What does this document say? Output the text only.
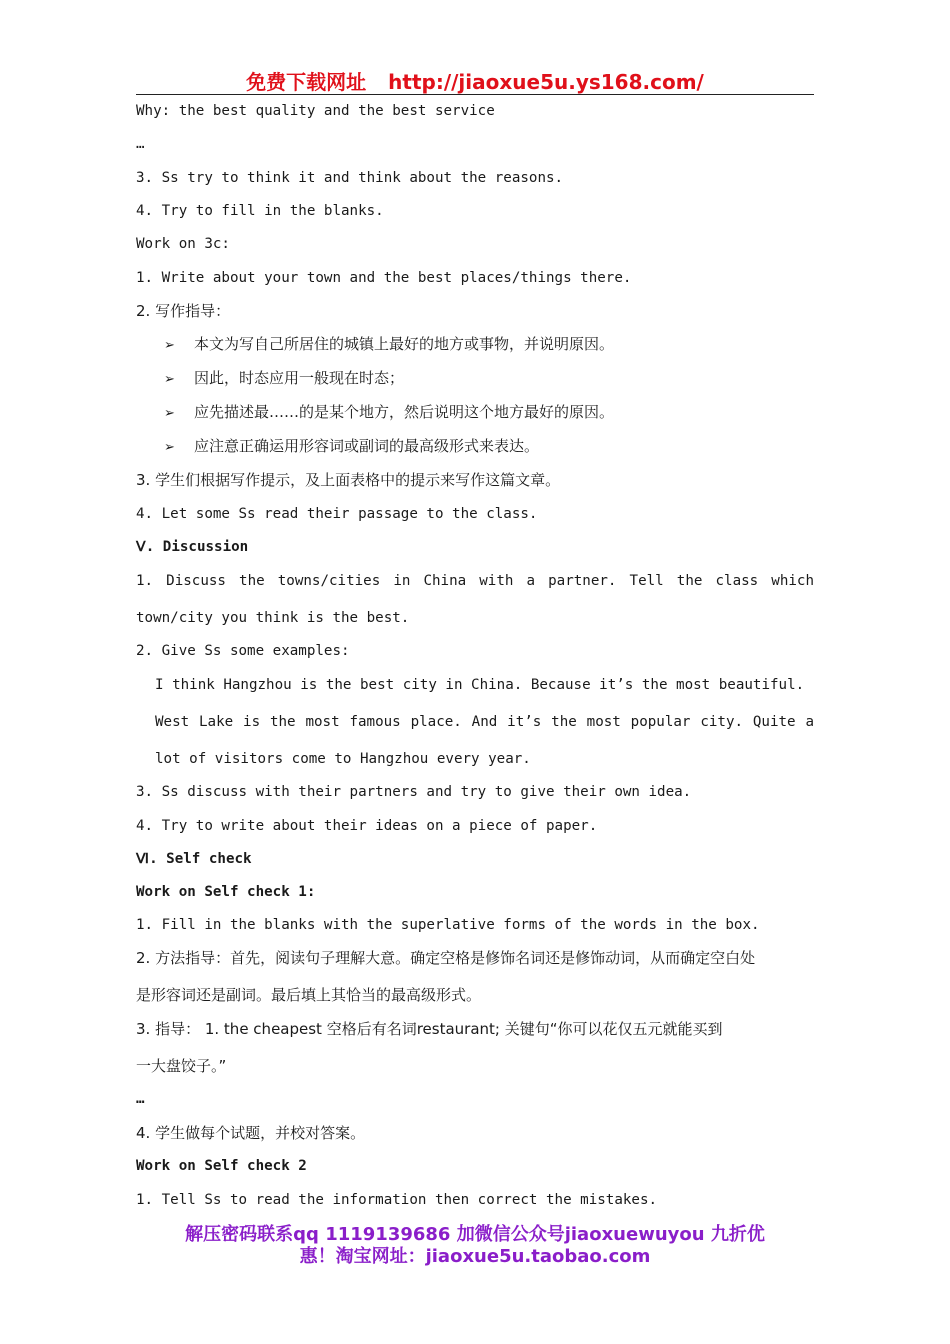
免费下载网址 http://jiaoxue5u.ys168.com/
Why: the best quality and the best service
…
3. Ss try to think it and think about the reasons.
4. Try to fill in the blanks.
Work on 3c:
1. Write about your town and the best places/things there.
2. 写作指导：
➢ 本文为写自己所居住的城镇上最好的地方或事物，并说明原因。
➢ 因此，时态应用一般现在时态；
➢ 应先描述最……的是某个地方，然后说明这个地方最好的原因。
➢ 应注意正确运用形容词或副词的最高级形式来表达。
3. 学生们根据写作提示，及上面表格中的提示来写作这篇文章。
4. Let some Ss read their passage to the class.
Ⅴ. Discussion
1. Discuss the towns/cities in China with a partner. Tell the class which
town/city you think is the best.
2. Give Ss some examples:
I think Hangzhou is the best city in China. Because it’s the most beautiful.
West Lake is the most famous place. And it’s the most popular city. Quite a
lot of visitors come to Hangzhou every year.
3. Ss discuss with their partners and try to give their own idea.
4. Try to write about their ideas on a piece of paper.
Ⅵ. Self check
Work on Self check 1:
1. Fill in the blanks with the superlative forms of the words in the box.
2. 方法指导：首先，阅读句子理解大意。确定空格是修饰名词还是修饰动词，从而确定空白处
是形容词还是副词。最后填上其恰当的最高级形式。
3. 指导： 1. the cheapest 空格后有名词restaurant; 关键句“你可以花仅五元就能买到
一大盘饺子。”
…
4. 学生做每个试题，并校对答案。
Work on Self check 2
1. Tell Ss to read the information then correct the mistakes.
解压密码联系qq 1119139686 加微信公众号jiaoxuewuyou 九折优
惠！淘宝网址：jiaoxue5u.taobao.com
